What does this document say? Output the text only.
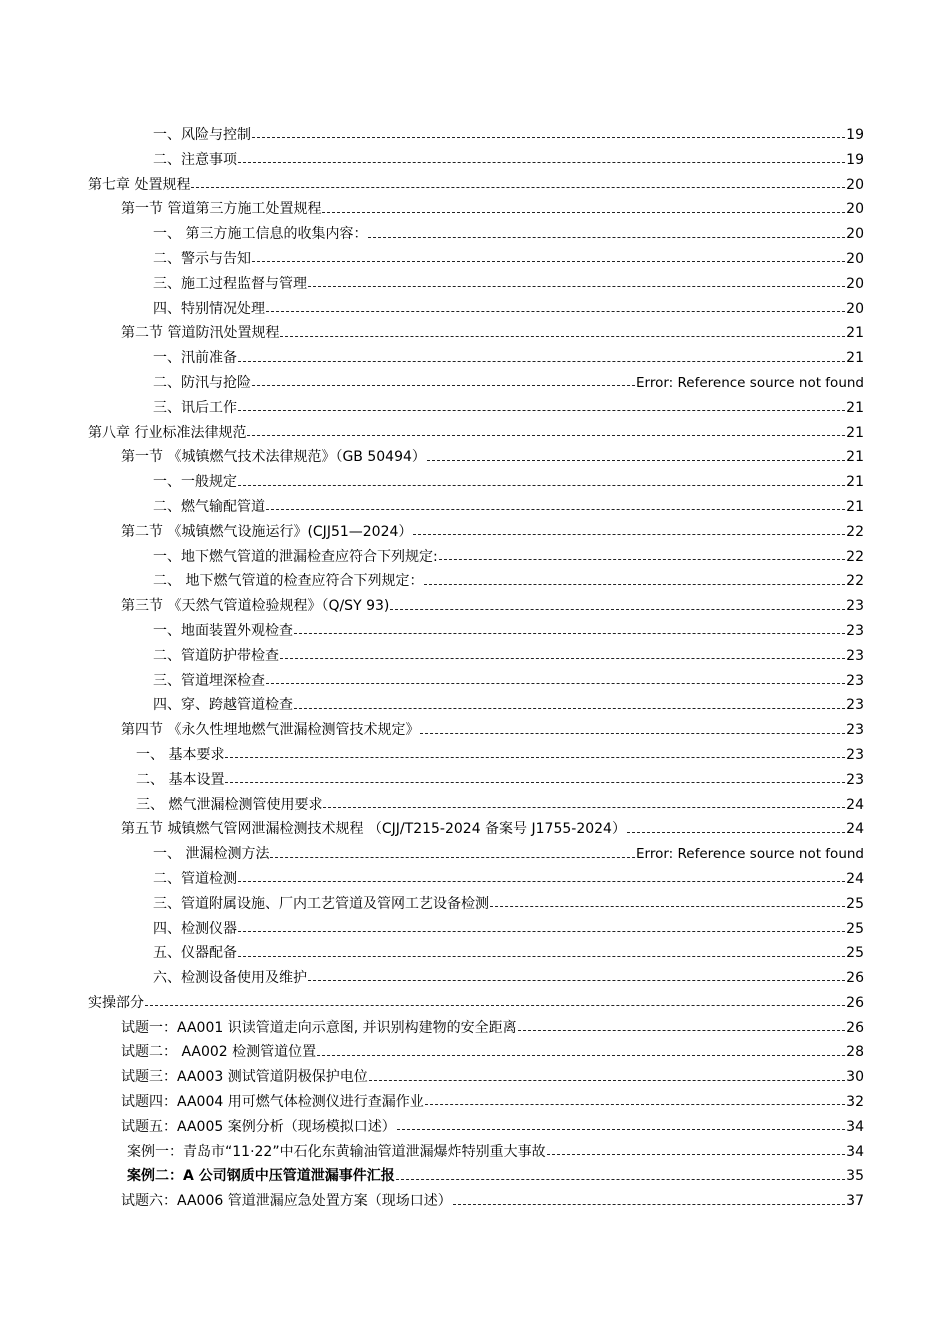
一、风险与控制	19
二、注意事项	19
第七章 处置规程	20
第一节 管道第三方施工处置规程	20
一、 第三方施工信息的收集内容：	20
二、警示与告知	20
三、施工过程监督与管理	20
四、特别情况处理	20
第二节 管道防汛处置规程	21
一、汛前准备	21
二、防汛与抢险	Error: Reference source not found
三、讯后工作	21
第八章 行业标准法律规范	21
第一节 《城镇燃气技术法律规范》（GB 50494）	21
一、一般规定	21
二、燃气输配管道	21
第二节 《城镇燃气设施运行》(CJJ51—2024）	22
一、地下燃气管道的泄漏检查应符合下列规定:	22
二、 地下燃气管道的检查应符合下列规定：	22
第三节 《天然气管道检验规程》（Q/SY 93)	23
一、地面装置外观检查	23
二、管道防护带检查	23
三、管道埋深检查	23
四、穿、跨越管道检查	23
第四节 《永久性埋地燃气泄漏检测管技术规定》	23
一、 基本要求	23
二、 基本设置	23
三、 燃气泄漏检测管使用要求	24
第五节 城镇燃气管网泄漏检测技术规程 （CJJ/T215-2024 备案号 J1755-2024）	24
一、 泄漏检测方法	Error: Reference source not found
二、管道检测	24
三、管道附属设施、厂内工艺管道及管网工艺设备检测	25
四、检测仪器	25
五、仪器配备	25
六、检测设备使用及维护	26
实操部分	26
试题一：AA001 识读管道走向示意图, 并识别构建物的安全距离	26
试题二： AA002 检测管道位置	28
试题三：AA003 测试管道阴极保护电位	30
试题四：AA004 用可燃气体检测仪进行查漏作业	32
试题五：AA005 案例分析（现场模拟口述）	34
案例一：青岛市“11·22”中石化东黄输油管道泄漏爆炸特别重大事故	34
案例二：A 公司钢质中压管道泄漏事件汇报	35
试题六：AA006 管道泄漏应急处置方案（现场口述）	37
